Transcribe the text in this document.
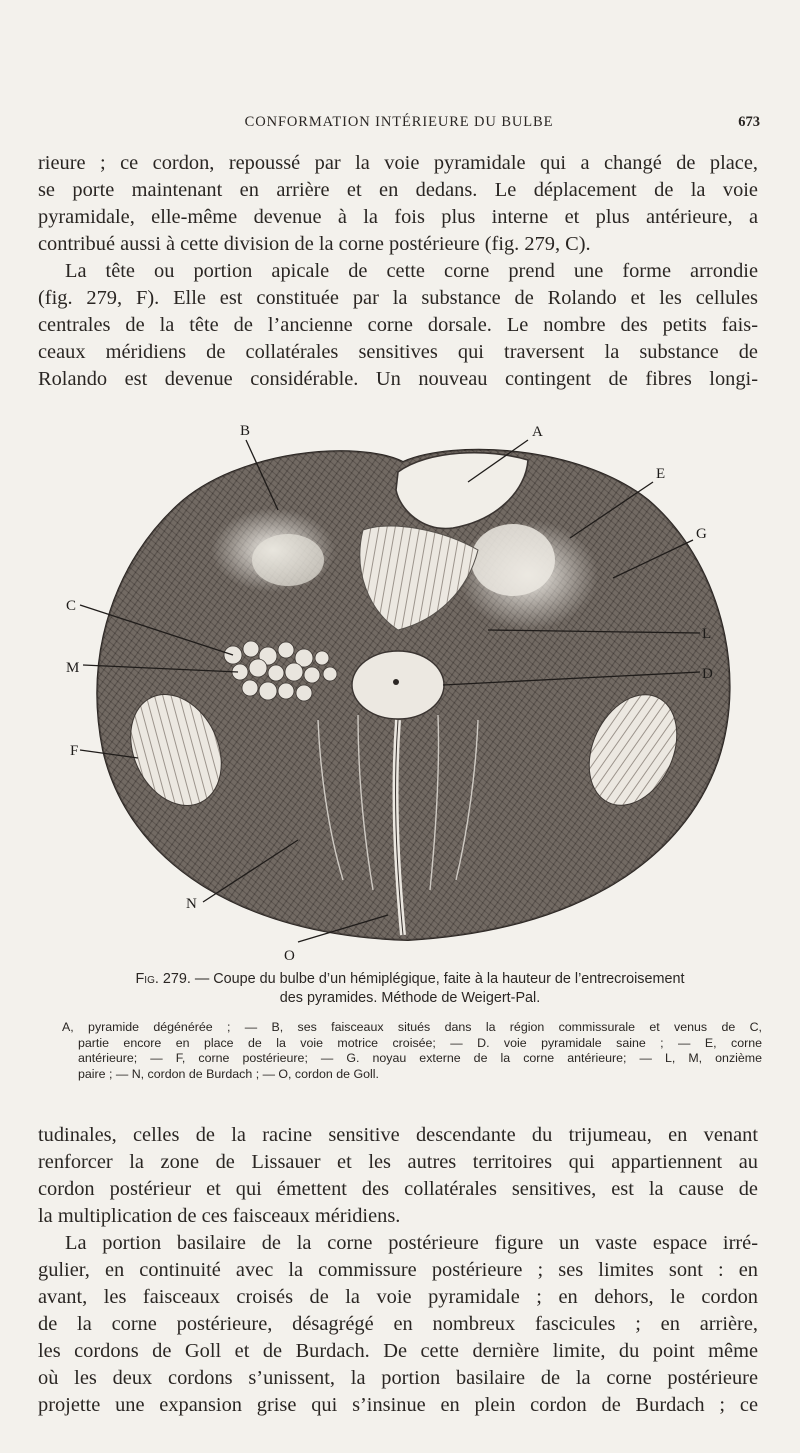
CONFORMATION INTÉRIEURE DU BULBE	673
rieure ; ce cordon, repoussé par la voie pyramidale qui a changé de place,
se porte maintenant en arrière et en dedans. Le déplacement de la voie
pyramidale, elle-même devenue à la fois plus interne et plus antérieure, a
contribué aussi à cette division de la corne postérieure (fig. 279, C).
La tête ou portion apicale de cette corne prend une forme arrondie
(fig. 279, F). Elle est constituée par la substance de Rolando et les cellules
centrales de la tête de l’ancienne corne dorsale. Le nombre des petits fais-
ceaux méridiens de collatérales sensitives qui traversent la substance de
Rolando est devenue considérable. Un nouveau contingent de fibres longi-
B	A
E
G
C
L
M	D
F
N
O
Fig. 279. — Coupe du bulbe d’un hémiplégique, faite à la hauteur de l’entrecroisement
des pyramides. Méthode de Weigert-Pal.
A, pyramide dégénérée ; — B, ses faisceaux situés dans la région commissurale et venus de C,
partie encore en place de la voie motrice croisée; — D. voie pyramidale saine ; — E, corne
antérieure; — F, corne postérieure; — G. noyau externe de la corne antérieure; — L, M, onzième
paire ; — N, cordon de Burdach ; — O, cordon de Goll.
tudinales, celles de la racine sensitive descendante du trijumeau, en venant
renforcer la zone de Lissauer et les autres territoires qui appartiennent au
cordon postérieur et qui émettent des collatérales sensitives, est la cause de
la multiplication de ces faisceaux méridiens.
La portion basilaire de la corne postérieure figure un vaste espace irré-
gulier, en continuité avec la commissure postérieure ; ses limites sont : en
avant, les faisceaux croisés de la voie pyramidale ; en dehors, le cordon
de la corne postérieure, désagrégé en nombreux fascicules ; en arrière,
les cordons de Goll et de Burdach. De cette dernière limite, du point même
où les deux cordons s’unissent, la portion basilaire de la corne postérieure
projette une expansion grise qui s’insinue en plein cordon de Burdach ; ce
